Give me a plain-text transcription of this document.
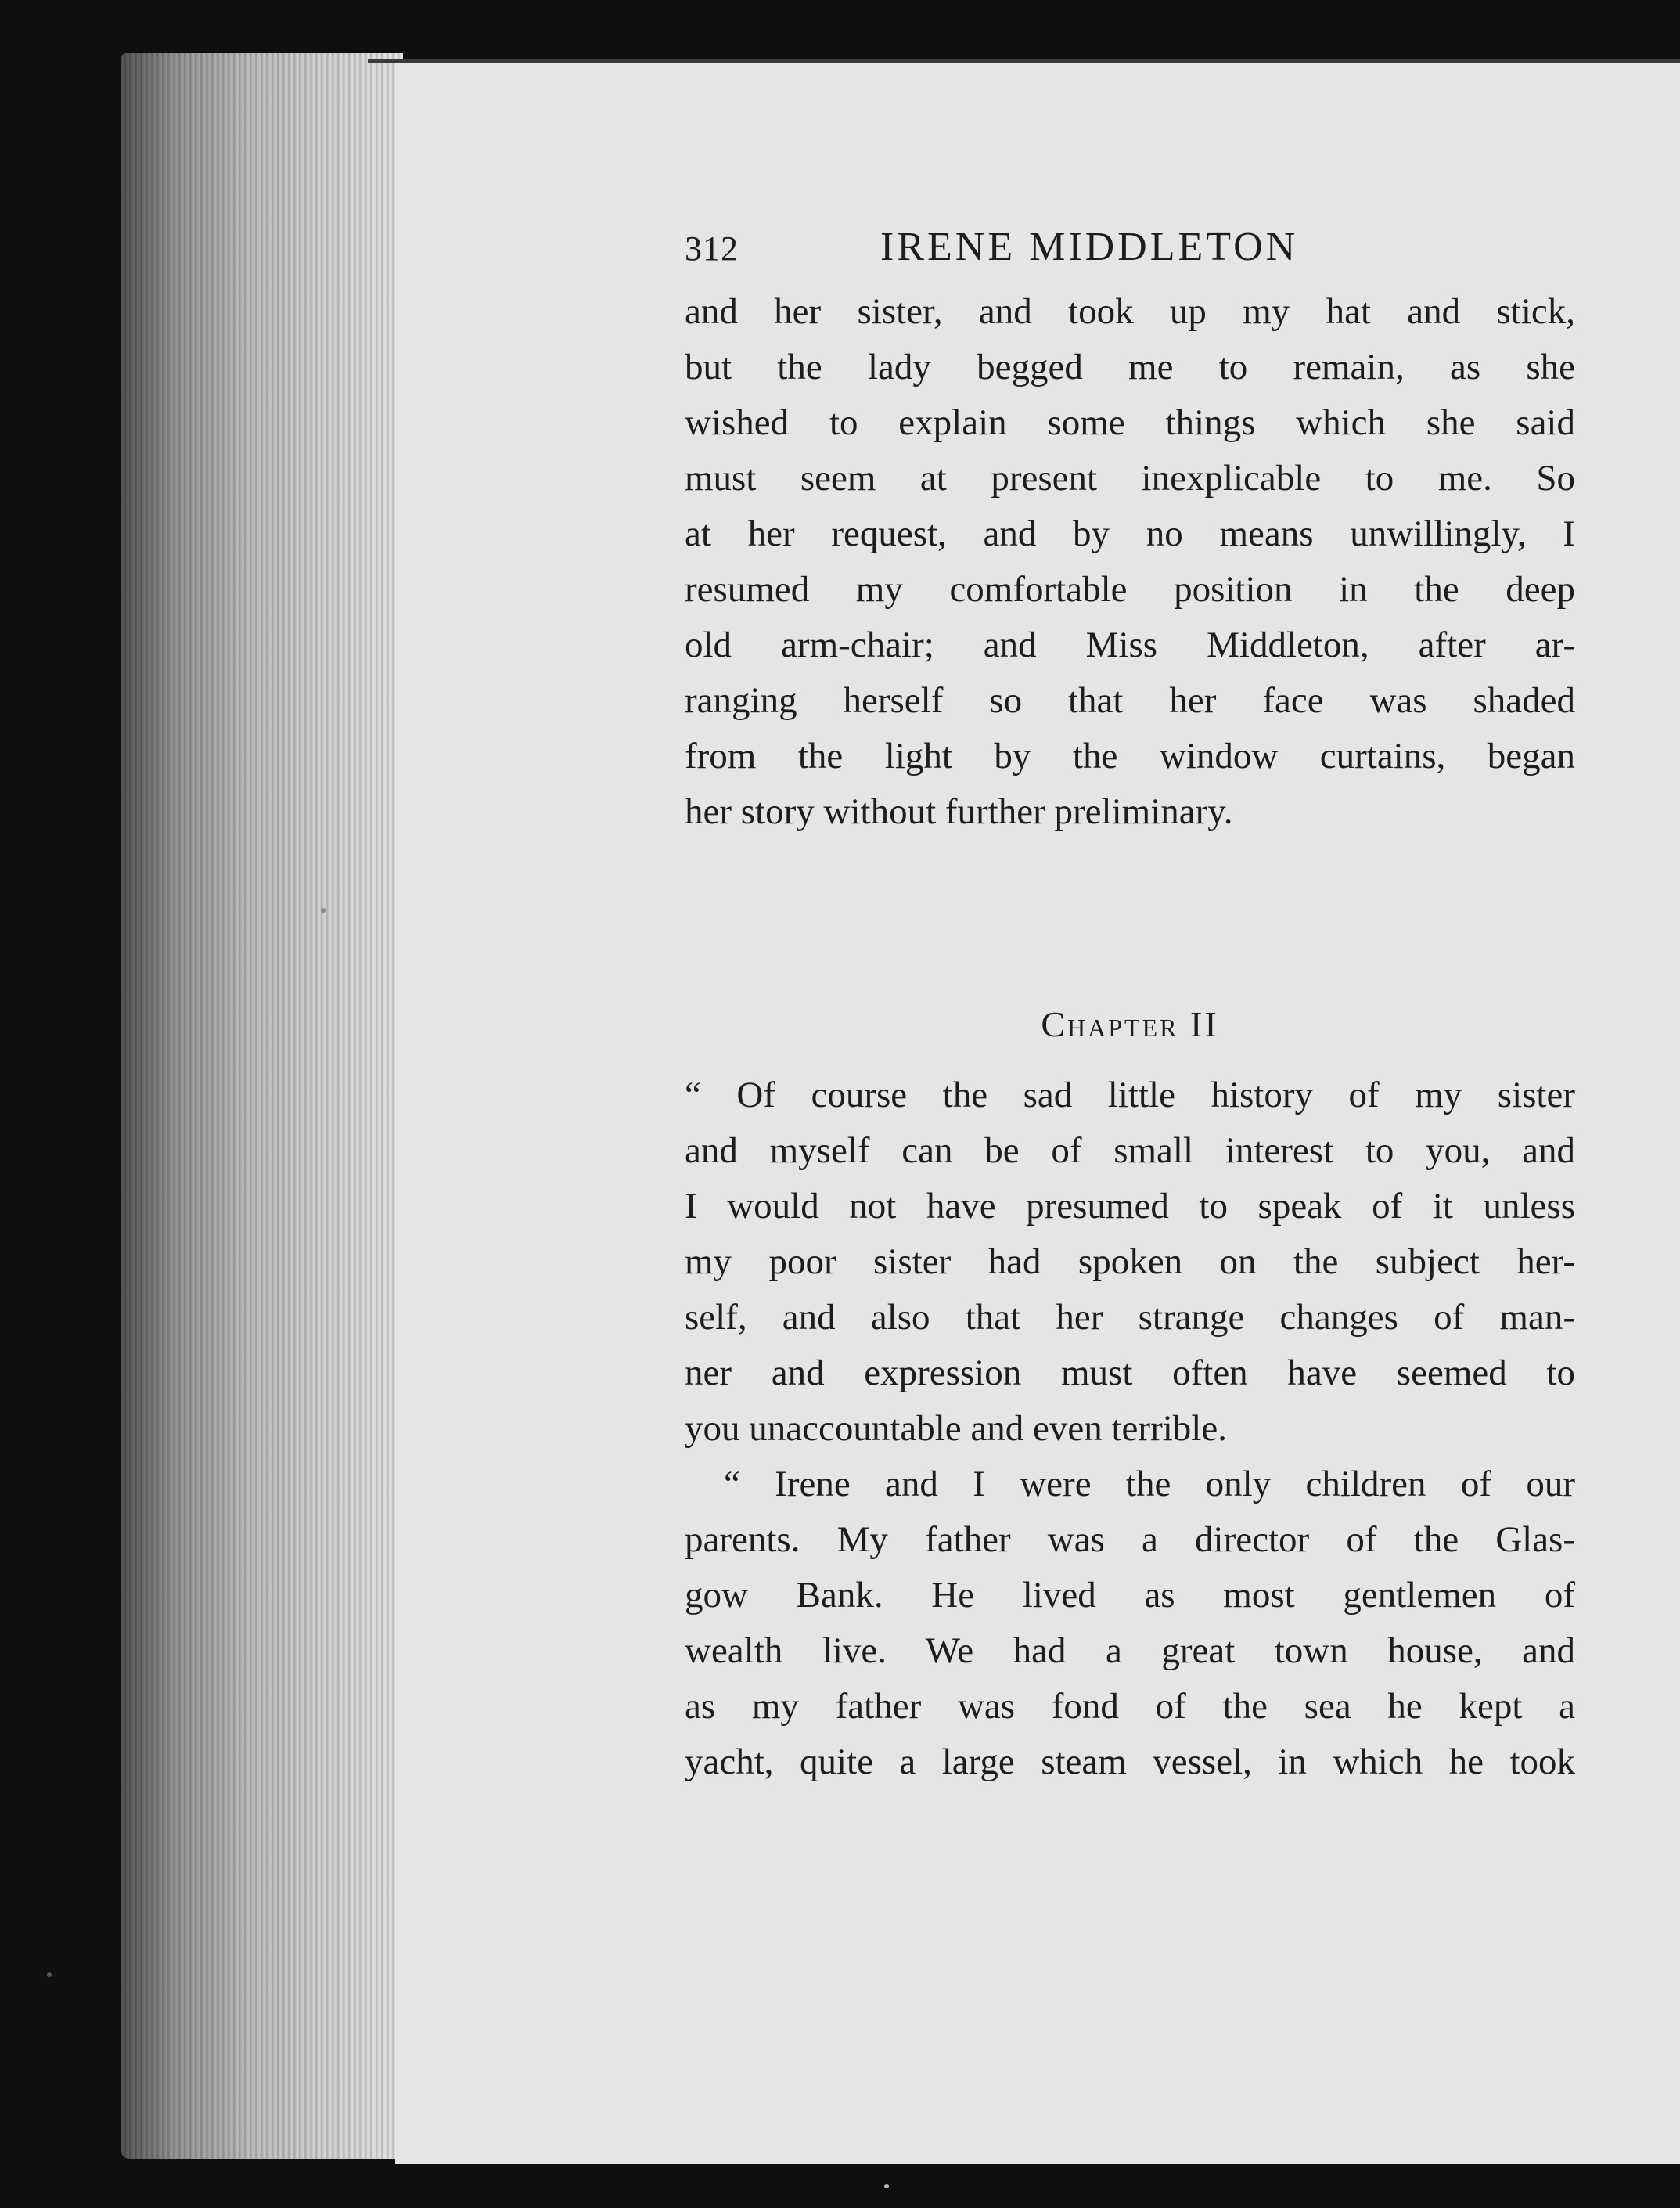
312	IRENE MIDDLETON
and her sister, and took up my hat and stick,
but the lady begged me to remain, as she
wished to explain some things which she said
must seem at present inexplicable to me. So
at her request, and by no means unwillingly, I
resumed my comfortable position in the deep
old arm-chair; and Miss Middleton, after ar-
ranging herself so that her face was shaded
from the light by the window curtains, began
her story without further preliminary.
Chapter II
“ Of course the sad little history of my sister
and myself can be of small interest to you, and
I would not have presumed to speak of it unless
my poor sister had spoken on the subject her-
self, and also that her strange changes of man-
ner and expression must often have seemed to
you unaccountable and even terrible.
“ Irene and I were the only children of our
parents. My father was a director of the Glas-
gow Bank. He lived as most gentlemen of
wealth live. We had a great town house, and
as my father was fond of the sea he kept a
yacht, quite a large steam vessel, in which he took
